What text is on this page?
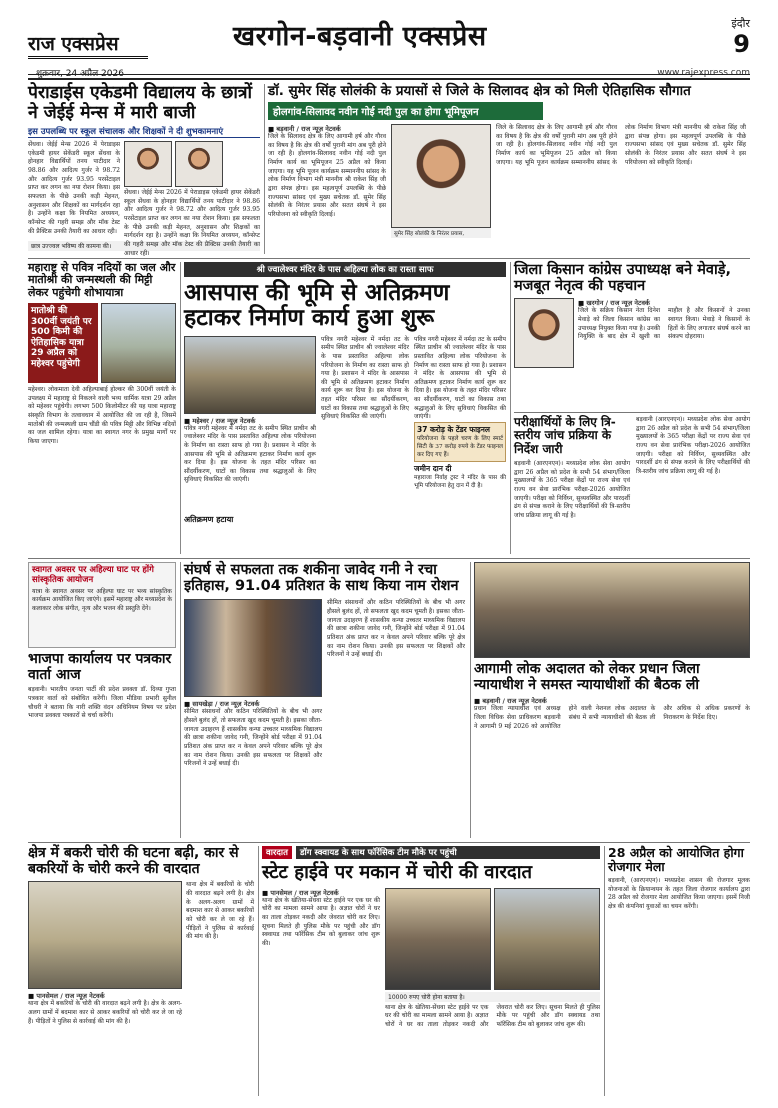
राज एक्सप्रेस
शुक्रवार, 24 अप्रैल 2026
खरगोन-बड़वानी एक्सप्रेस	इंदौर
9
www.rajexpress.com
पेराडाईस एकेडमी विद्यालय के छात्रों ने जेईई मेन्स में मारी बाजी
इस उपलब्धि पर स्कूल संचालक और शिक्षकों ने दी शुभकामनाएं
सेंधवा। जेईई मेन्स 2026 में पेराडाइस एकेडमी हायर सेकेंडरी स्कूल सेंधवा के होनहार विद्यार्थियों तनय पाटीदार ने 98.86 और आदित्य गुर्जर ने 98.72 और आदित्य गुर्जर 93.95 परसेंटाइल प्राप्त कर लगन का नया रोशन किया। इस सफलता के पीछे उनकी कड़ी मेहनत, अनुशासन और शिक्षकों का मार्गदर्शन रहा है। उन्होंने कक्षा कि नियमित अध्ययन, कॉन्सेप्ट की गहरी समझ और मॉक टेस्ट की प्रैक्टिस उनकी तैयारी का आधार रही।
सेंधवा। जेईई मेन्स 2026 में पेराडाइस एकेडमी हायर सेकेंडरी स्कूल सेंधवा के होनहार विद्यार्थियों तनय पाटीदार ने 98.86 और आदित्य गुर्जर ने 98.72 और आदित्य गुर्जर 93.95 परसेंटाइल प्राप्त कर लगन का नया रोशन किया। इस सफलता के पीछे उनकी कड़ी मेहनत, अनुशासन और शिक्षकों का मार्गदर्शन रहा है। उन्होंने कक्षा कि नियमित अध्ययन, कॉन्सेप्ट की गहरी समझ और मॉक टेस्ट की प्रैक्टिस उनकी तैयारी का आधार रही।
छात्र उज्ज्वल भविष्य की कामना की।
डॉ. सुमेर सिंह सोलंकी के प्रयासों से जिले के सिलावद क्षेत्र को मिली ऐतिहासिक सौगात
होलगांव-सिलावद नवीन गोई नदी पुल का होगा भूमिपूजन
■ बड़वानी / राज न्यूज़ नेटवर्क
जिले के सिलावद क्षेत्र के लिए आगामी हर्ष और गौरव का विषय है कि क्षेत्र की वर्षों पुरानी मांग अब पूरी होने जा रही है। होलगांव-सिलावद नवीन गोई नदी पुल निर्माण कार्य का भूमिपूजन 25 अप्रैल को किया जाएगा। यह भूमि पूजन कार्यक्रम सम्माननीय सांसद के लोक निर्माण विभाग मंत्री माननीय श्री राकेश सिंह जी द्वारा संपन्न होगा। इस महत्वपूर्ण उपलब्धि के पीछे राज्यसभा सांसद एवं मुख्य सचेतक डॉ. सुमेर सिंह सोलंकी के निरंतर प्रयास और सतत संघर्ष ने इस परियोजना को स्वीकृति दिलाई।
सुमेर सिंह सोलंकी के निरंतर प्रयास,
जिले के सिलावद क्षेत्र के लिए आगामी हर्ष और गौरव का विषय है कि क्षेत्र की वर्षों पुरानी मांग अब पूरी होने जा रही है। होलगांव-सिलावद नवीन गोई नदी पुल निर्माण कार्य का भूमिपूजन 25 अप्रैल को किया जाएगा। यह भूमि पूजन कार्यक्रम सम्माननीय सांसद के लोक निर्माण विभाग मंत्री माननीय श्री राकेश सिंह जी द्वारा संपन्न होगा। इस महत्वपूर्ण उपलब्धि के पीछे राज्यसभा सांसद एवं मुख्य सचेतक डॉ. सुमेर सिंह सोलंकी के निरंतर प्रयास और सतत संघर्ष ने इस परियोजना को स्वीकृति दिलाई।
महाराष्ट्र से पवित्र नदियों का जल और मातोश्री की जन्मस्थली की मिट्टी लेकर पहुंचेगी शोभायात्रा
मातोश्री की 300वीं जयंती पर 500 किमी की ऐतिहासिक यात्रा 29 अप्रैल को महेश्वर पहुंचेगी
महेश्वर। लोकमाता देवी अहिल्याबाई होल्कर की 300वीं जयंती के उपलक्ष्य में महाराष्ट्र से निकलने वाली भव्य धार्मिक यात्रा 29 अप्रैल को महेश्वर पहुंचेगी। लगभग 500 किलोमीटर की यह यात्रा महाराष्ट्र संस्कृति विभाग के तत्वावधान में आयोजित की जा रही है, जिसमें मातोश्री की जन्मस्थली ग्राम चौंडी की पवित्र मिट्टी और विभिन्न नदियों का जल शामिल रहेगा। यात्रा का स्वागत नगर के प्रमुख मार्गों पर किया जाएगा।
श्री ज्वालेश्वर मंदिर के पास अहिल्या लोक का रास्ता साफ
आसपास की भूमि से अतिक्रमण हटाकर निर्माण कार्य हुआ शुरू
■ महेश्वर / राज न्यूज़ नेटवर्क
पवित्र नगरी महेश्वर में नर्मदा तट के समीप स्थित प्राचीन श्री ज्वालेश्वर मंदिर के पास प्रस्तावित अहिल्या लोक परियोजना के निर्माण का रास्ता साफ हो गया है। प्रशासन ने मंदिर के आसपास की भूमि से अतिक्रमण हटाकर निर्माण कार्य शुरू कर दिया है। इस योजना के तहत मंदिर परिसर का सौंदर्यीकरण, घाटों का विकास तथा श्रद्धालुओं के लिए सुविधाएं विकसित की जाएंगी।
अतिक्रमण हटाया
पवित्र नगरी महेश्वर में नर्मदा तट के समीप स्थित प्राचीन श्री ज्वालेश्वर मंदिर के पास प्रस्तावित अहिल्या लोक परियोजना के निर्माण का रास्ता साफ हो गया है। प्रशासन ने मंदिर के आसपास की भूमि से अतिक्रमण हटाकर निर्माण कार्य शुरू कर दिया है। इस योजना के तहत मंदिर परिसर का सौंदर्यीकरण, घाटों का विकास तथा श्रद्धालुओं के लिए सुविधाएं विकसित की जाएंगी।
पवित्र नगरी महेश्वर में नर्मदा तट के समीप स्थित प्राचीन श्री ज्वालेश्वर मंदिर के पास प्रस्तावित अहिल्या लोक परियोजना के निर्माण का रास्ता साफ हो गया है। प्रशासन ने मंदिर के आसपास की भूमि से अतिक्रमण हटाकर निर्माण कार्य शुरू कर दिया है। इस योजना के तहत मंदिर परिसर का सौंदर्यीकरण, घाटों का विकास तथा श्रद्धालुओं के लिए सुविधाएं विकसित की जाएंगी।
37 करोड़ के टेंडर फाइनल
परियोजना के पहले चरण के लिए स्मार्ट सिटी के 37 करोड़ रुपये के टेंडर फाइनल कर दिए गए हैं।
जमीन दान दी
महाराजा निर्वाह ट्रस्ट ने मंदिर के पास की भूमि परियोजना हेतु दान में दी है।
जिला किसान कांग्रेस उपाध्यक्ष बने मेवाड़े, मजबूत नेतृत्व की पहचान
■ खरगोन / राज न्यूज़ नेटवर्क
जिले के सक्रिय किसान नेता दिनेश मेवाड़े को जिला किसान कांग्रेस का उपाध्यक्ष नियुक्त किया गया है। उनकी नियुक्ति के बाद क्षेत्र में खुशी का माहौल है और किसानों ने उनका स्वागत किया। मेवाड़े ने किसानों के हितों के लिए लगातार संघर्ष करने का संकल्प दोहराया।
परीक्षार्थियों के लिए त्रि-स्तरीय जांच प्रक्रिया के निर्देश जारी
बड़वानी (आरएनएन)। मध्यप्रदेश लोक सेवा आयोग द्वारा 26 अप्रैल को प्रदेश के सभी 54 संभाग/जिला मुख्यालयों के 365 परीक्षा केंद्रों पर राज्य सेवा एवं राज्य वन सेवा प्रारंभिक परीक्षा-2026 आयोजित जाएगी। परीक्षा को निर्विघ्न, सुव्यवस्थित और पारदर्शी ढंग से संपन्न कराने के लिए परीक्षार्थियों की त्रि-स्तरीय जांच प्रक्रिया लागू की गई है।
बड़वानी (आरएनएन)। मध्यप्रदेश लोक सेवा आयोग द्वारा 26 अप्रैल को प्रदेश के सभी 54 संभाग/जिला मुख्यालयों के 365 परीक्षा केंद्रों पर राज्य सेवा एवं राज्य वन सेवा प्रारंभिक परीक्षा-2026 आयोजित जाएगी। परीक्षा को निर्विघ्न, सुव्यवस्थित और पारदर्शी ढंग से संपन्न कराने के लिए परीक्षार्थियों की त्रि-स्तरीय जांच प्रक्रिया लागू की गई है।
स्वागत अवसर पर अहिल्या घाट पर होंगे सांस्कृतिक आयोजन
यात्रा के स्वागत अवसर पर अहिल्या घाट पर भव्य सांस्कृतिक कार्यक्रम आयोजित किए जाएंगे। इसमें महाराष्ट्र और मध्यप्रदेश के कलाकार लोक संगीत, नृत्य और भजन की प्रस्तुति देंगे।
भाजपा कार्यालय पर पत्रकार वार्ता आज
बड़वानी। भारतीय जनता पार्टी की प्रदेश प्रवक्ता डॉ. दिव्या गुप्ता पत्रकार वार्ता को संबोधित करेंगी। जिला मीडिया प्रभारी सुनील चौधरी ने बताया कि नारी शक्ति वंदन अधिनियम विषय पर प्रदेश भाजपा प्रवक्ता पत्रकारों से चर्चा करेंगी।
संघर्ष से सफलता तक शकीना जावेद गनी ने रचा इतिहास, 91.04 प्रतिशत के साथ किया नाम रोशन
■ सायखेड़ा / राज न्यूज़ नेटवर्क
सीमित संसाधनों और कठिन परिस्थितियों के बीच भी अगर हौसले बुलंद हों, तो सफलता खुद कदम चूमती है। इसका जीता-जागता उदाहरण हैं शासकीय कन्या उच्चतर माध्यमिक विद्यालय की छात्रा शकीना जावेद गनी, जिन्होंने बोर्ड परीक्षा में 91.04 प्रतिशत अंक प्राप्त कर न केवल अपने परिवार बल्कि पूरे क्षेत्र का नाम रोशन किया। उनकी इस सफलता पर शिक्षकों और परिजनों ने उन्हें बधाई दी।
सीमित संसाधनों और कठिन परिस्थितियों के बीच भी अगर हौसले बुलंद हों, तो सफलता खुद कदम चूमती है। इसका जीता-जागता उदाहरण हैं शासकीय कन्या उच्चतर माध्यमिक विद्यालय की छात्रा शकीना जावेद गनी, जिन्होंने बोर्ड परीक्षा में 91.04 प्रतिशत अंक प्राप्त कर न केवल अपने परिवार बल्कि पूरे क्षेत्र का नाम रोशन किया। उनकी इस सफलता पर शिक्षकों और परिजनों ने उन्हें बधाई दी।
आगामी लोक अदालत को लेकर प्रधान जिला न्यायाधीश ने समस्त न्यायाधीशों की बैठक ली
■ बड़वानी / राज न्यूज़ नेटवर्क
प्रधान जिला न्यायाधीश एवं अध्यक्ष जिला विधिक सेवा प्राधिकरण बड़वानी ने आगामी 9 मई 2026 को आयोजित होने वाली नेशनल लोक अदालत के संबंध में सभी न्यायाधीशों की बैठक ली और अधिक से अधिक प्रकरणों के निराकरण के निर्देश दिए।
क्षेत्र में बकरी चोरी की घटना बढ़ी, कार से बकरियों के चोरी करने की वारदात
■ पानसेमल / राज न्यूज़ नेटवर्क
थाना क्षेत्र में बकरियों के चोरी की वारदात बढ़ने लगी है। क्षेत्र के अलग-अलग ग्रामों में बदमाश कार से आकर बकरियों को चोरी कर ले जा रहे हैं। पीड़ितों ने पुलिस से कार्रवाई की मांग की है।
थाना क्षेत्र में बकरियों के चोरी की वारदात बढ़ने लगी है। क्षेत्र के अलग-अलग ग्रामों में बदमाश कार से आकर बकरियों को चोरी कर ले जा रहे हैं। पीड़ितों ने पुलिस से कार्रवाई की मांग की है।
वारदात	डॉग स्क्वायड के साथ फॉरेंसिक टीम मौके पर पहुंची
स्टेट हाईवे पर मकान में चोरी की वारदात
■ पानसेमल / राज न्यूज़ नेटवर्क
थाना क्षेत्र के खेतिया-सेंधवा स्टेट हाईवे पर एक घर की चोरी का मामला सामने आया है। अज्ञात चोरों ने घर का ताला तोड़कर नकदी और जेवरात चोरी कर लिए। सूचना मिलते ही पुलिस मौके पर पहुंची और डॉग स्क्वायड तथा फॉरेंसिक टीम को बुलाकर जांच शुरू की।
10000 रुपए चोरी होना बताया है।
थाना क्षेत्र के खेतिया-सेंधवा स्टेट हाईवे पर एक घर की चोरी का मामला सामने आया है। अज्ञात चोरों ने घर का ताला तोड़कर नकदी और जेवरात चोरी कर लिए। सूचना मिलते ही पुलिस मौके पर पहुंची और डॉग स्क्वायड तथा फॉरेंसिक टीम को बुलाकर जांच शुरू की।
28 अप्रैल को आयोजित होगा रोजगार मेला
बड़वानी, (आरएनएन)। मध्यप्रदेश शासन की रोजगार मूलक योजनाओं के क्रियान्वयन के तहत जिला रोजगार कार्यालय द्वारा 28 अप्रैल को रोजगार मेला आयोजित किया जाएगा। इसमें निजी क्षेत्र की कंपनियां युवाओं का चयन करेंगी।
